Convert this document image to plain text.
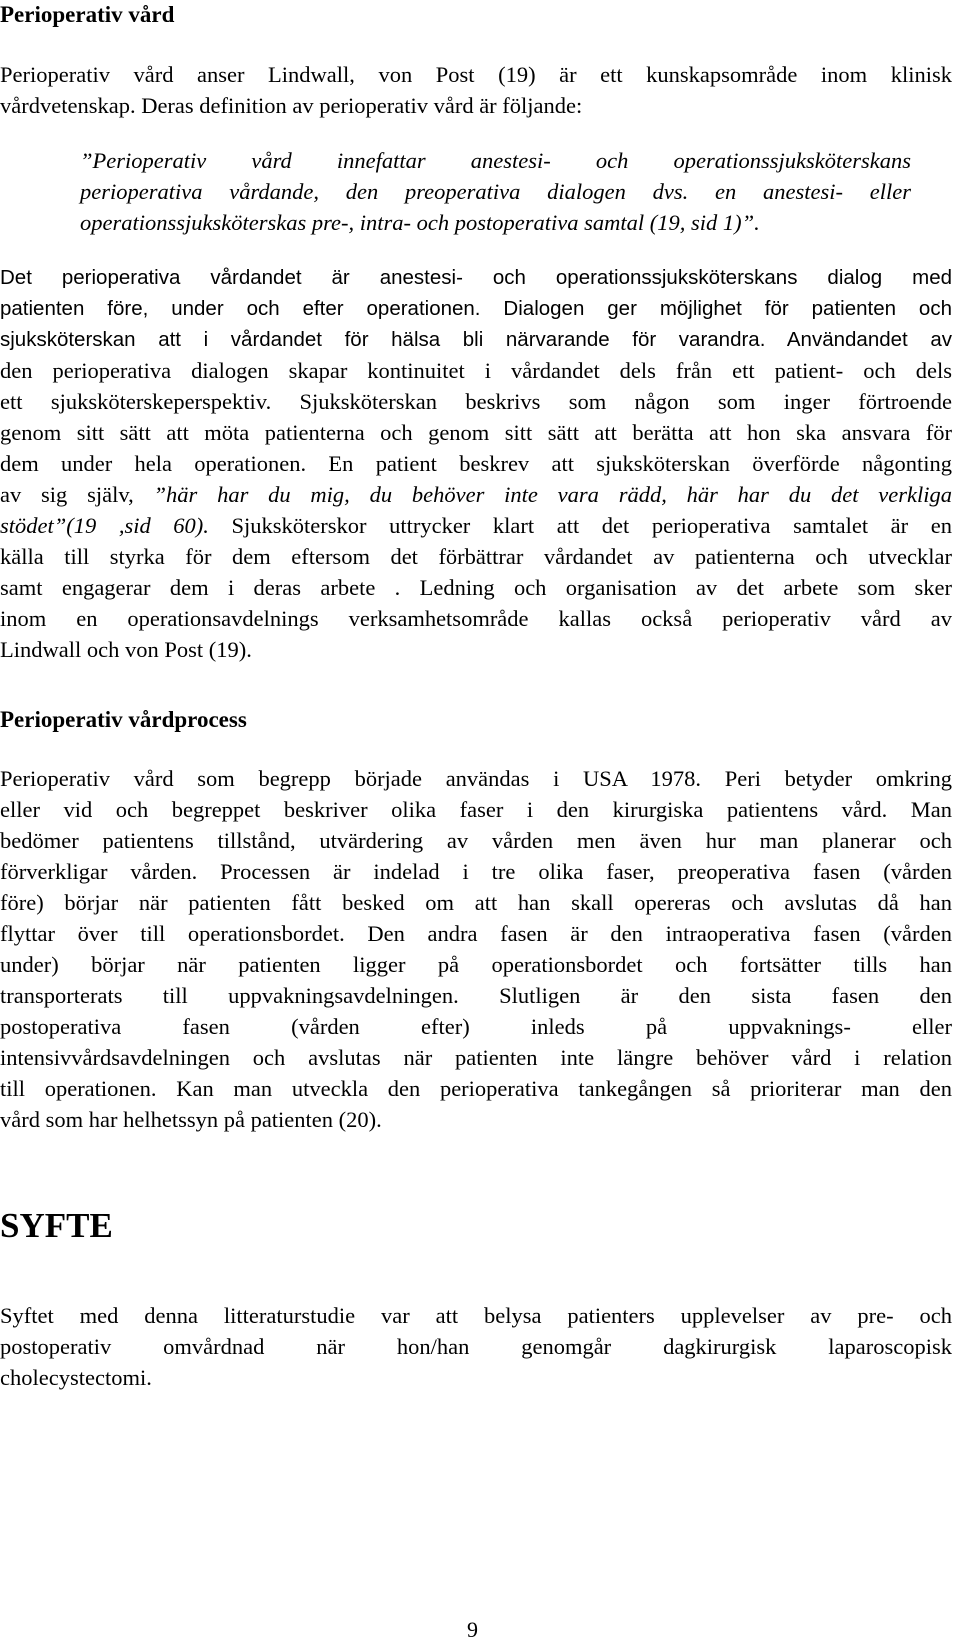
Perioperativ vård
Perioperativ vård anser Lindwall, von Post (19) är ett kunskapsområde inom klinisk
vårdvetenskap. Deras definition av perioperativ vård är följande:
”Perioperativ vård innefattar anestesi- och operationssjuksköterskans
perioperativa vårdande, den preoperativa dialogen dvs. en anestesi- eller
operationssjuksköterskas pre-, intra- och postoperativa samtal (19, sid 1)”.
Det perioperativa vårdandet är anestesi- och operationssjuksköterskans dialog med
patienten före, under och efter operationen. Dialogen ger möjlighet för patienten och
sjuksköterskan att i vårdandet för hälsa bli närvarande för varandra. Användandet av
den perioperativa dialogen skapar kontinuitet i vårdandet dels från ett patient- och dels
ett sjuksköterskeperspektiv. Sjuksköterskan beskrivs som någon som inger förtroende
genom sitt sätt att möta patienterna och genom sitt sätt att berätta att hon ska ansvara för
dem under hela operationen. En patient beskrev att sjuksköterskan överförde någonting
av sig själv, ”här har du mig, du behöver inte vara rädd, här har du det verkliga
stödet”(19 ,sid 60). Sjuksköterskor uttrycker klart att det perioperativa samtalet är en
källa till styrka för dem eftersom det förbättrar vårdandet av patienterna och utvecklar
samt engagerar dem i deras arbete . Ledning och organisation av det arbete som sker
inom en operationsavdelnings verksamhetsområde kallas också perioperativ vård av
Lindwall och von Post (19).
Perioperativ vårdprocess
Perioperativ vård som begrepp började användas i USA 1978. Peri betyder omkring
eller vid och begreppet beskriver olika faser i den kirurgiska patientens vård. Man
bedömer patientens tillstånd, utvärdering av vården men även hur man planerar och
förverkligar vården. Processen är indelad i tre olika faser, preoperativa fasen (vården
före) börjar när patienten fått besked om att han skall opereras och avslutas då han
flyttar över till operationsbordet. Den andra fasen är den intraoperativa fasen (vården
under) börjar när patienten ligger på operationsbordet och fortsätter tills han
transporterats till uppvakningsavdelningen. Slutligen är den sista fasen den
postoperativa fasen (vården efter) inleds på uppvaknings- eller
intensivvårdsavdelningen och avslutas när patienten inte längre behöver vård i relation
till operationen. Kan man utveckla den perioperativa tankegången så prioriterar man den
vård som har helhetssyn på patienten (20).
SYFTE
Syftet med denna litteraturstudie var att belysa patienters upplevelser av pre- och
postoperativ omvårdnad när hon/han genomgår dagkirurgisk laparoscopisk
cholecystectomi.

9
